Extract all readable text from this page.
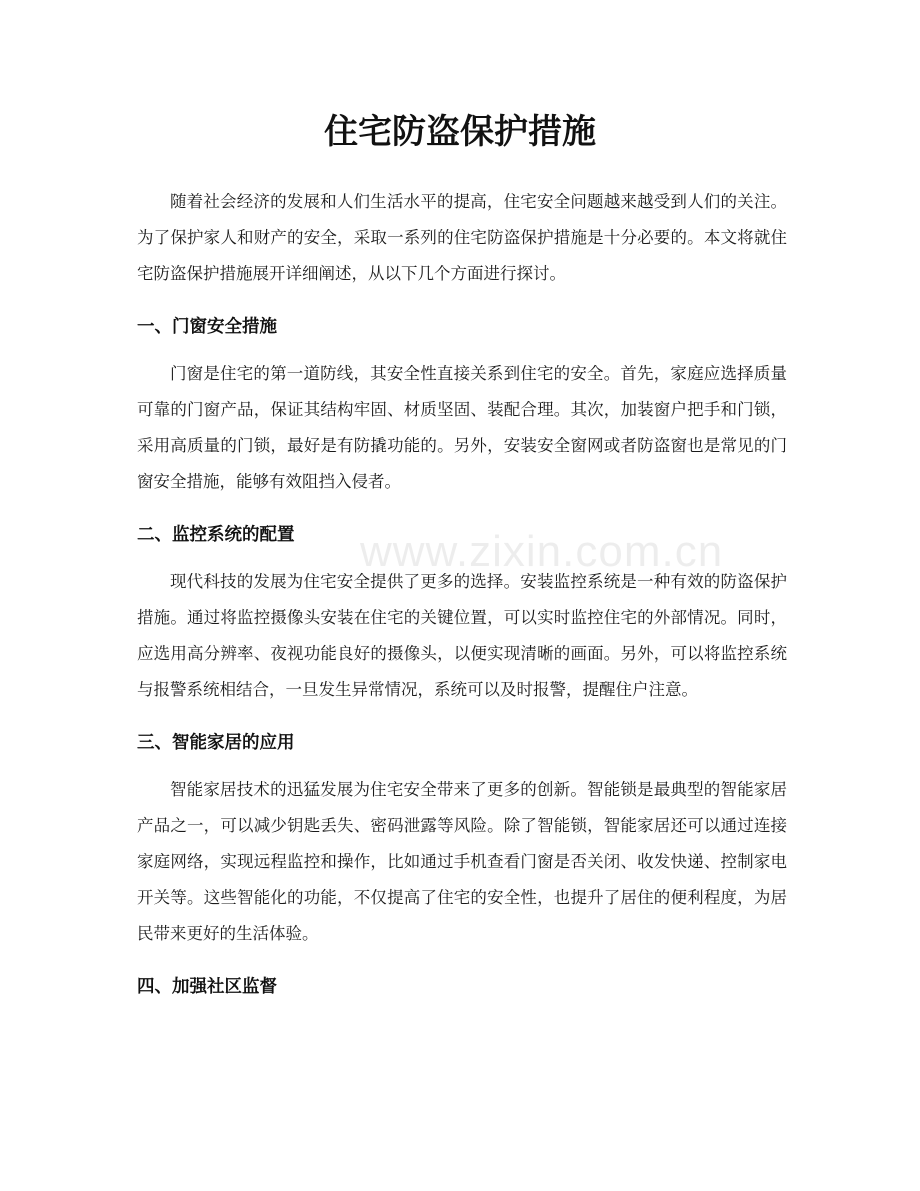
www.zixin.com.cn
住宅防盗保护措施

随着社会经济的发展和人们生活水平的提高，住宅安全问题越来越受到人们的关注。为了保护家人和财产的安全，采取一系列的住宅防盗保护措施是十分必要的。本文将就住宅防盗保护措施展开详细阐述，从以下几个方面进行探讨。

一、门窗安全措施

门窗是住宅的第一道防线，其安全性直接关系到住宅的安全。首先，家庭应选择质量可靠的门窗产品，保证其结构牢固、材质坚固、装配合理。其次，加装窗户把手和门锁，采用高质量的门锁，最好是有防撬功能的。另外，安装安全窗网或者防盗窗也是常见的门窗安全措施，能够有效阻挡入侵者。

二、监控系统的配置

现代科技的发展为住宅安全提供了更多的选择。安装监控系统是一种有效的防盗保护措施。通过将监控摄像头安装在住宅的关键位置，可以实时监控住宅的外部情况。同时，应选用高分辨率、夜视功能良好的摄像头，以便实现清晰的画面。另外，可以将监控系统与报警系统相结合，一旦发生异常情况，系统可以及时报警，提醒住户注意。

三、智能家居的应用

智能家居技术的迅猛发展为住宅安全带来了更多的创新。智能锁是最典型的智能家居产品之一，可以减少钥匙丢失、密码泄露等风险。除了智能锁，智能家居还可以通过连接家庭网络，实现远程监控和操作，比如通过手机查看门窗是否关闭、收发快递、控制家电开关等。这些智能化的功能，不仅提高了住宅的安全性，也提升了居住的便利程度，为居民带来更好的生活体验。

四、加强社区监督
